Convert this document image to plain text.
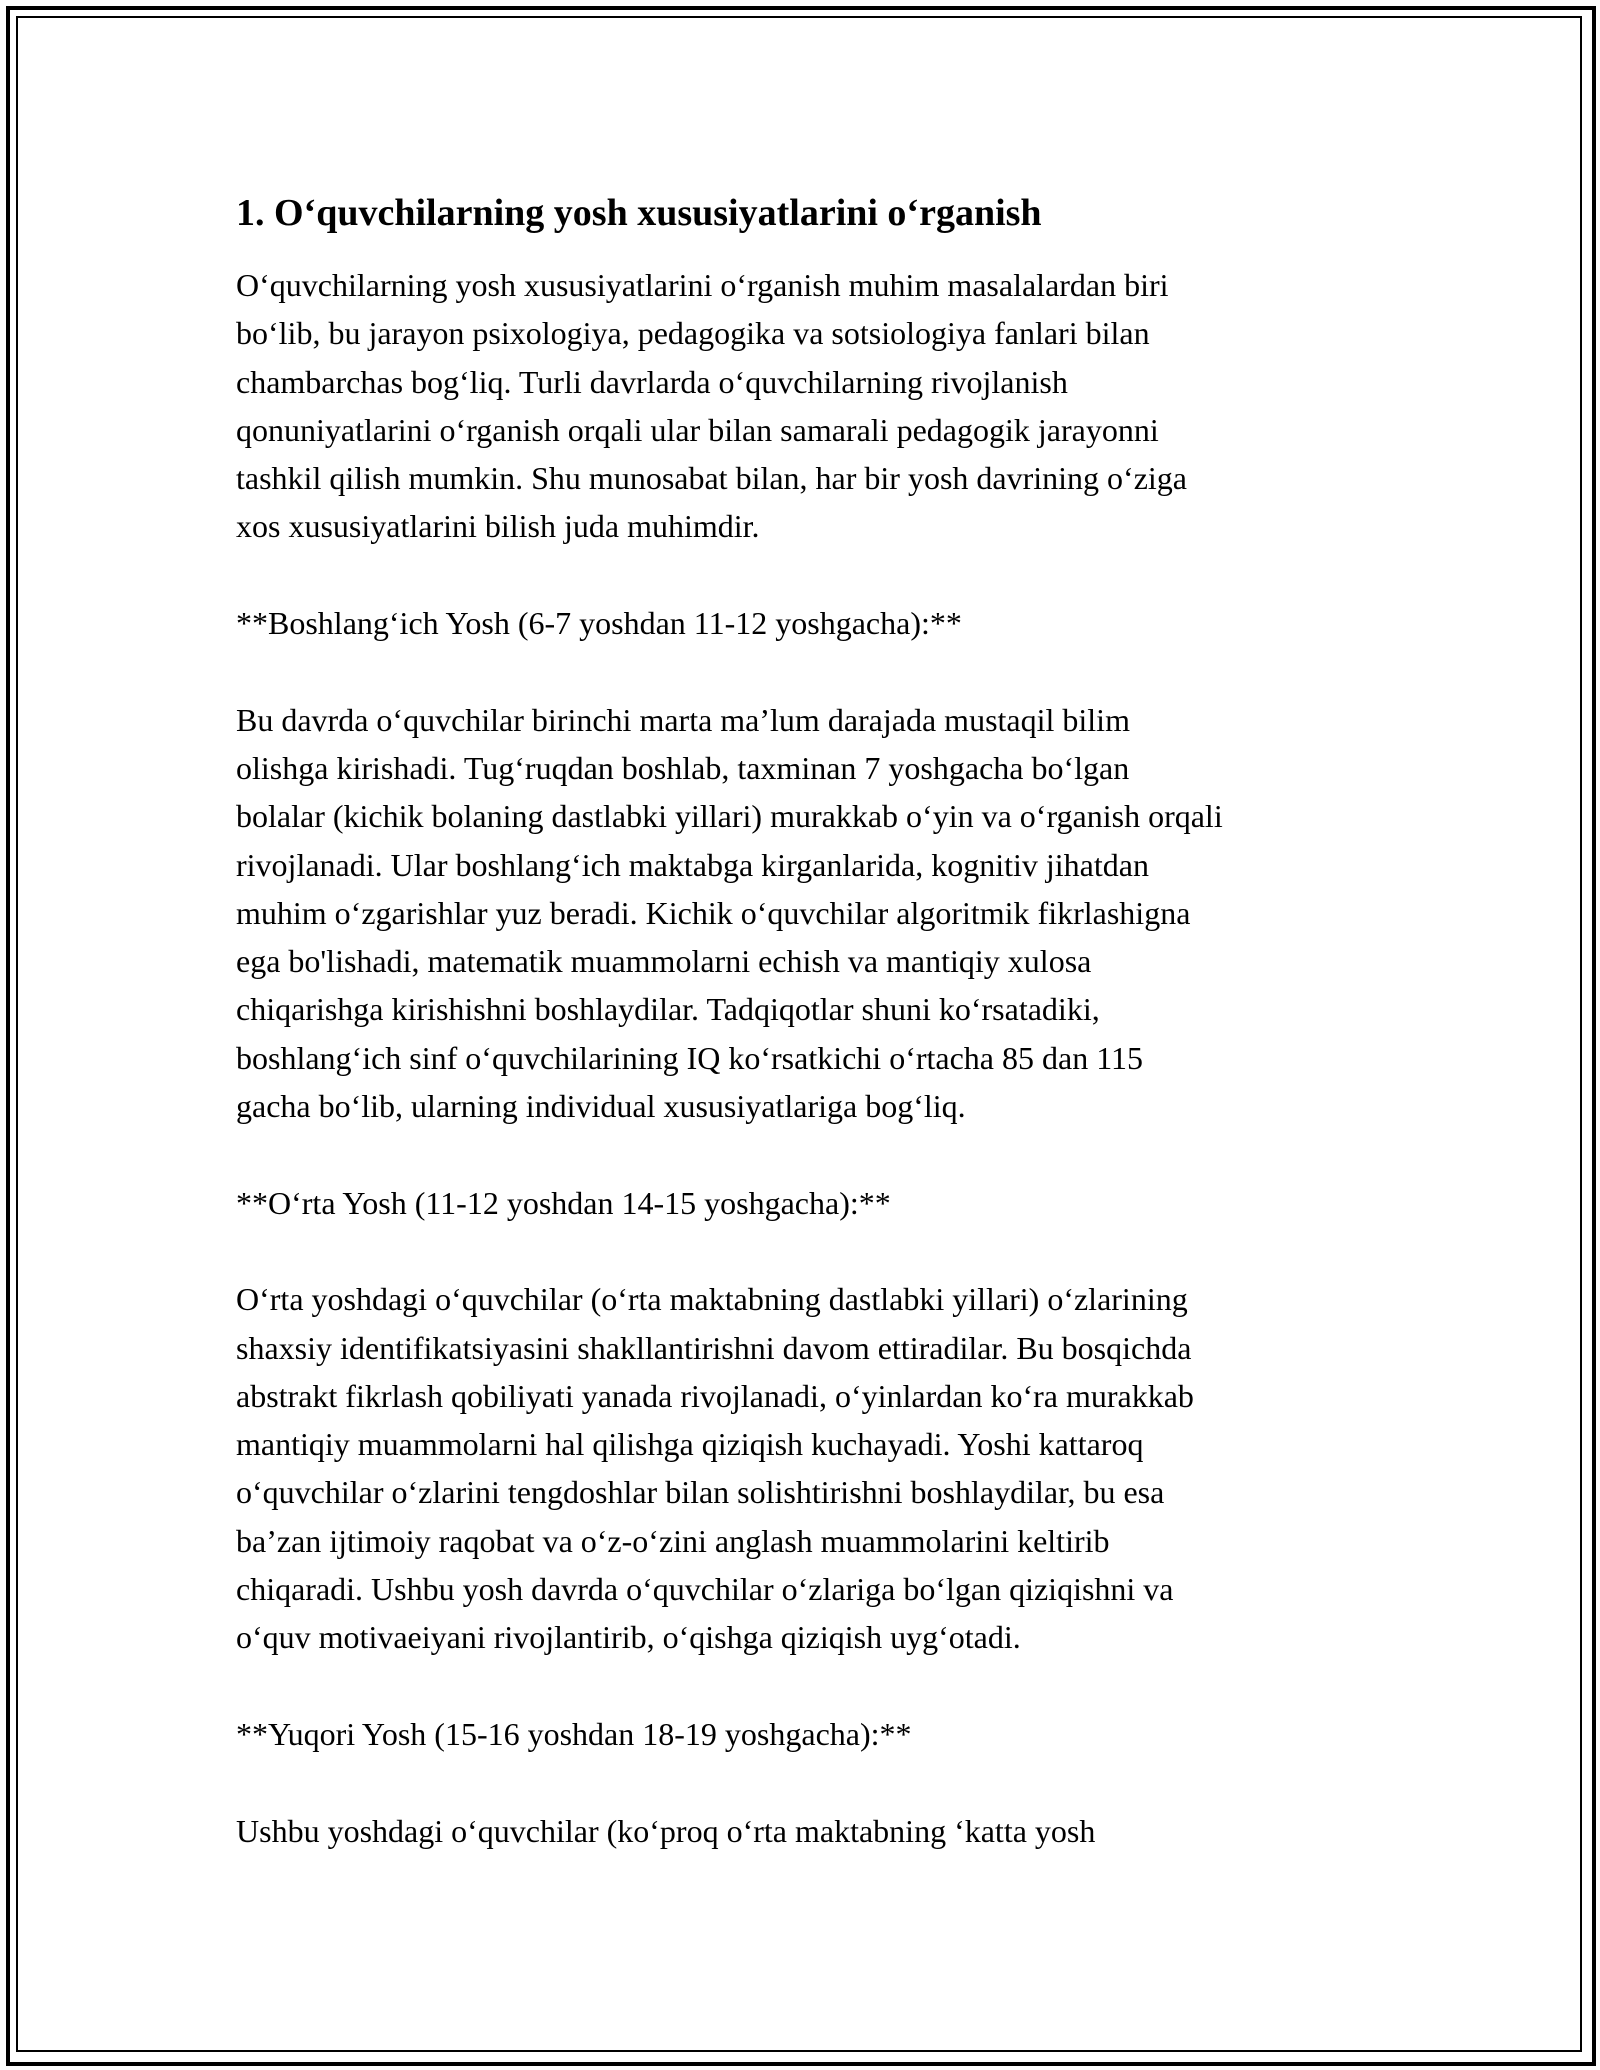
1. O‘quvchilarning yosh xususiyatlarini o‘rganish
O‘quvchilarning yosh xususiyatlarini o‘rganish muhim masalalardan biri
bo‘lib, bu jarayon psixologiya, pedagogika va sotsiologiya fanlari bilan
chambarchas bog‘liq. Turli davrlarda o‘quvchilarning rivojlanish
qonuniyatlarini o‘rganish orqali ular bilan samarali pedagogik jarayonni
tashkil qilish mumkin. Shu munosabat bilan, har bir yosh davrining o‘ziga
xos xususiyatlarini bilish juda muhimdir.
**Boshlang‘ich Yosh (6-7 yoshdan 11-12 yoshgacha):**
Bu davrda o‘quvchilar birinchi marta ma’lum darajada mustaqil bilim
olishga kirishadi. Tug‘ruqdan boshlab, taxminan 7 yoshgacha bo‘lgan
bolalar (kichik bolaning dastlabki yillari) murakkab o‘yin va o‘rganish orqali
rivojlanadi. Ular boshlang‘ich maktabga kirganlarida, kognitiv jihatdan
muhim o‘zgarishlar yuz beradi. Kichik o‘quvchilar algoritmik fikrlashigna
ega bo'lishadi, matematik muammolarni echish va mantiqiy xulosa
chiqarishga kirishishni boshlaydilar. Tadqiqotlar shuni ko‘rsatadiki,
boshlang‘ich sinf o‘quvchilarining IQ ko‘rsatkichi o‘rtacha 85 dan 115
gacha bo‘lib, ularning individual xususiyatlariga bog‘liq.
**O‘rta Yosh (11-12 yoshdan 14-15 yoshgacha):**
O‘rta yoshdagi o‘quvchilar (o‘rta maktabning dastlabki yillari) o‘zlarining
shaxsiy identifikatsiyasini shakllantirishni davom ettiradilar. Bu bosqichda
abstrakt fikrlash qobiliyati yanada rivojlanadi, o‘yinlardan ko‘ra murakkab
mantiqiy muammolarni hal qilishga qiziqish kuchayadi. Yoshi kattaroq
o‘quvchilar o‘zlarini tengdoshlar bilan solishtirishni boshlaydilar, bu esa
ba’zan ijtimoiy raqobat va o‘z-o‘zini anglash muammolarini keltirib
chiqaradi. Ushbu yosh davrda o‘quvchilar o‘zlariga bo‘lgan qiziqishni va
o‘quv motivaeiyani rivojlantirib, o‘qishga qiziqish uyg‘otadi.
**Yuqori Yosh (15-16 yoshdan 18-19 yoshgacha):**
Ushbu yoshdagi o‘quvchilar (ko‘proq o‘rta maktabning ‘katta yosh
